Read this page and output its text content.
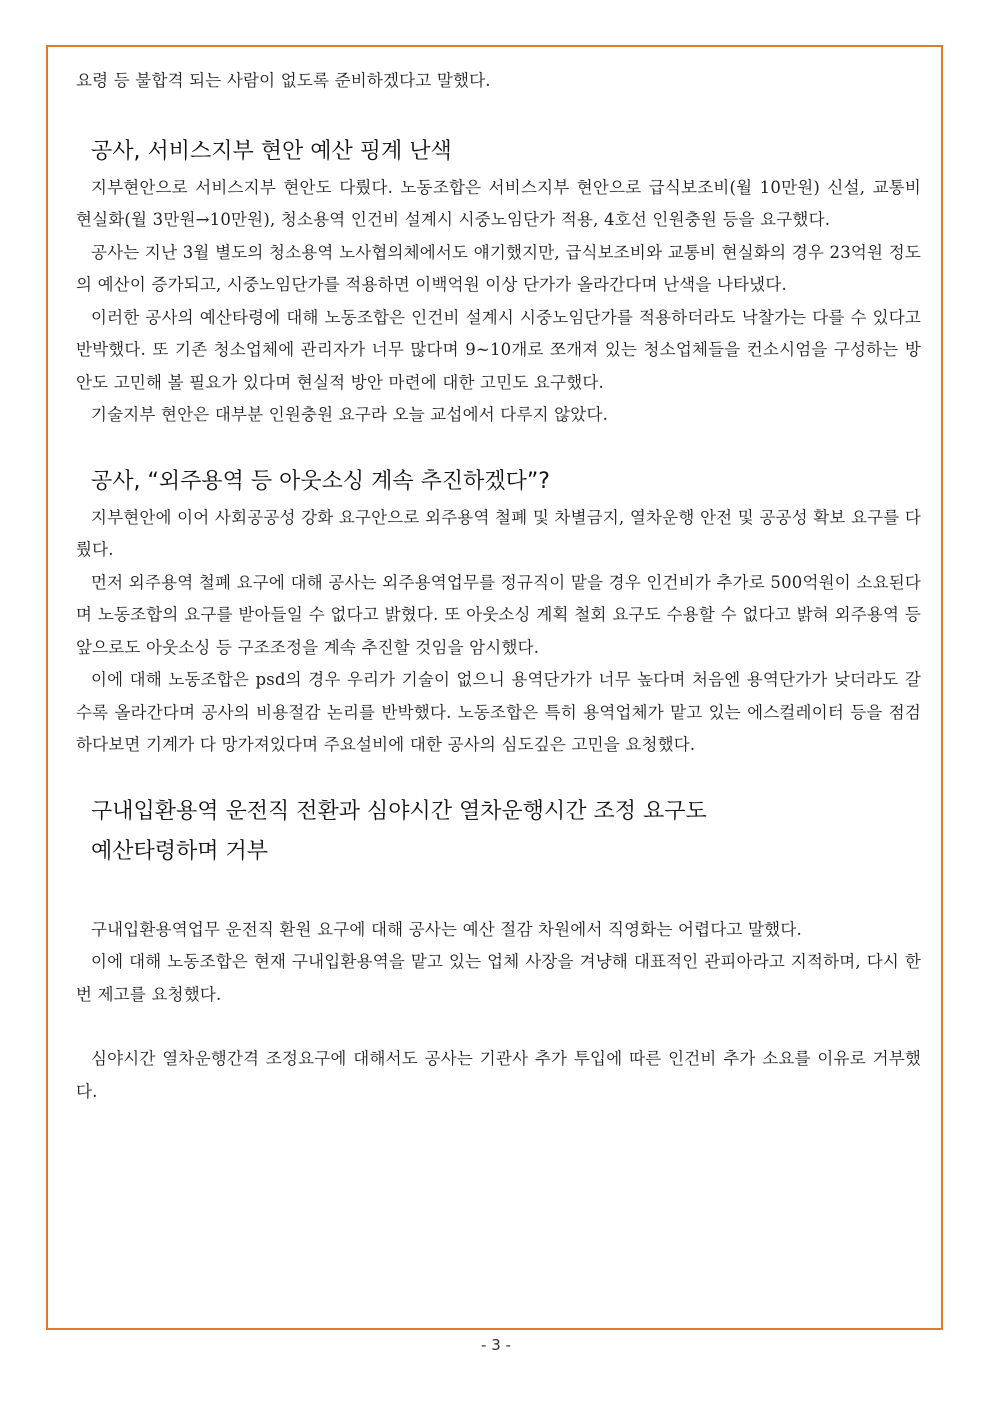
요령 등 불합격 되는 사람이 없도록 준비하겠다고 말했다.

공사, 서비스지부 현안 예산 핑계 난색

지부현안으로 서비스지부 현안도 다뤘다. 노동조합은 서비스지부 현안으로 급식보조비(월 10만원) 신설, 교통비 현실화(월 3만원→10만원), 청소용역 인건비 설계시 시중노임단가 적용, 4호선 인원충원 등을 요구했다.

공사는 지난 3월 별도의 청소용역 노사협의체에서도 얘기했지만, 급식보조비와 교통비 현실화의 경우 23억원 정도의 예산이 증가되고, 시중노임단가를 적용하면 이백억원 이상 단가가 올라간다며 난색을 나타냈다.

이러한 공사의 예산타령에 대해 노동조합은 인건비 설계시 시중노임단가를 적용하더라도 낙찰가는 다를 수 있다고 반박했다. 또 기존 청소업체에 관리자가 너무 많다며 9~10개로 쪼개져 있는 청소업체들을 컨소시엄을 구성하는 방안도 고민해 볼 필요가 있다며 현실적 방안 마련에 대한 고민도 요구했다.

기술지부 현안은 대부분 인원충원 요구라 오늘 교섭에서 다루지 않았다.

공사, “외주용역 등 아웃소싱 계속 추진하겠다”?

지부현안에 이어 사회공공성 강화 요구안으로 외주용역 철폐 및 차별금지, 열차운행 안전 및 공공성 확보 요구를 다뤘다.

먼저 외주용역 철폐 요구에 대해 공사는 외주용역업무를 정규직이 맡을 경우 인건비가 추가로 500억원이 소요된다며 노동조합의 요구를 받아들일 수 없다고 밝혔다. 또 아웃소싱 계획 철회 요구도 수용할 수 없다고 밝혀 외주용역 등 앞으로도 아웃소싱 등 구조조정을 계속 추진할 것임을 암시했다.

이에 대해 노동조합은 psd의 경우 우리가 기술이 없으니 용역단가가 너무 높다며 처음엔 용역단가가 낮더라도 갈수록 올라간다며 공사의 비용절감 논리를 반박했다. 노동조합은 특히 용역업체가 맡고 있는 에스컬레이터 등을 점검하다보면 기계가 다 망가져있다며 주요설비에 대한 공사의 심도깊은 고민을 요청했다.

구내입환용역 운전직 전환과 심야시간 열차운행시간 조정 요구도
예산타령하며 거부

구내입환용역업무 운전직 환원 요구에 대해 공사는 예산 절감 차원에서 직영화는 어렵다고 말했다.

이에 대해 노동조합은 현재 구내입환용역을 맡고 있는 업체 사장을 겨냥해 대표적인 관피아라고 지적하며, 다시 한 번 제고를 요청했다.

심야시간 열차운행간격 조정요구에 대해서도 공사는 기관사 추가 투입에 따른 인건비 추가 소요를 이유로 거부했다.

- 3 -
